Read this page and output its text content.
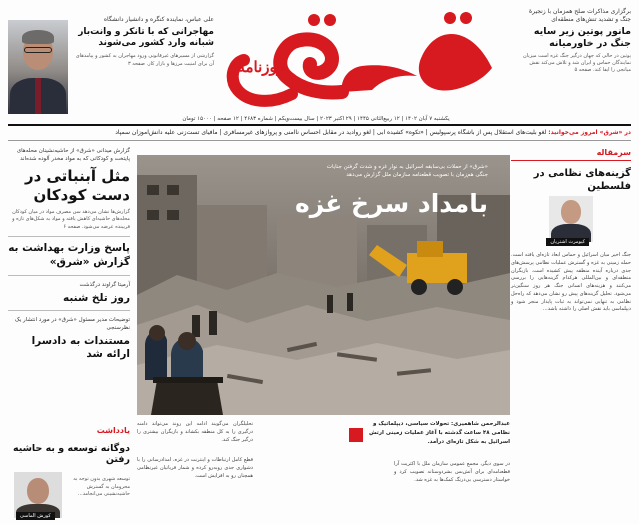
برگزاری مذاکرات صلح همزمان با زنجیرهٔ جنگ و تشدید تنش‌های منطقه‌ای
مانور پوتین زیر سایه جنگ در خاورمیانه
پوتین در حالی که جهان درگیر جنگ غزه است میزبان نمایندگان حماس و ایران شد و تلاش می‌کند نقش میانجی را ایفا کند. صفحه ۵
شرق
روزنامه
علی عباس، نماینده کنگره و دانشیار دانشگاه
مهاجرانی که با تانکر و وانت‌بار شبانه وارد کشور می‌شوند
گزارشی از مسیرهای غیرقانونی ورود مهاجران به کشور و پیامدهای آن برای امنیت مرزها و بازار کار. صفحه ۳
یکشنبه ۷ آبان ۱۴۰۲ | ۱۲ ربیع‌الثانی ۱۴۴۵ | ۲۹ اکتبر ۲۰۲۳ | سال بیست‌ویکم | شماره ۴۶۸۳ | ۱۲ صفحه | ۱۵۰۰۰ تومان
در «شرق» امروز می‌خوانید: لغو بلیت‌های استقلال پس از باشگاه پرسپولیس | «تکوه» کشیده آبی | لغو رواديد در مقابل احساس ناامنی و پروازهای غیرمسافری | مافیای تست‌زنی علیه دانش‌آموزان سمپاد
سرمقاله
گزینه‌های نظامی در فلسطین
کیومرث اشتریان
جنگ اخیر میان اسرائیل و حماس ابعاد تازه‌ای یافته است. حمله زمینی به غزه و گسترش عملیات نظامی پرسش‌های جدی درباره آینده منطقه پیش کشیده است. بازیگران منطقه‌ای و بین‌المللی هرکدام گزینه‌هایی را بررسی می‌کنند و هزینه‌های انسانی جنگ هر روز سنگین‌تر می‌شود. تحلیل گزینه‌های پیش رو نشان می‌دهد که راه‌حل نظامی به تنهایی نمی‌تواند به ثبات پایدار منجر شود و دیپلماسی باید نقش اصلی را داشته باشد...
«شرق» از حملات بی‌سابقه اسرائیل به نوار غزه و شدت گرفتن جنایات جنگی هم‌زمان با تصویب قطعنامه سازمان ملل گزارش می‌دهد
بامداد سرخ غزه
عبدالرحمن شاهمیری: تحولات سیاسی، دیپلماتیک و نظامی ۴۸ ساعت گذشته با آغاز عملیات زمینی ارتش اسرائیل به شکل تازه‌ای درآمد.
تحلیلگران می‌گویند ادامه این روند می‌تواند دامنه درگیری را به کل منطقه بکشاند و بازیگران بیشتری را درگیر جنگ کند.
قطع کامل ارتباطات و اینترنت در غزه، امدادرسانی را با دشواری جدی روبه‌رو کرده و شمار قربانیان غیرنظامی همچنان رو به افزایش است.
در سوی دیگر، مجمع عمومی سازمان ملل با اکثریت آرا قطعنامه‌ای برای آتش‌بس بشردوستانه تصویب کرد و خواستار دسترسی بی‌درنگ کمک‌ها به غزه شد.
گزارش میدانی «شرق» از حاشیه‌نشینان محله‌های پایتخت و کودکانی که به مواد مخدر آلوده شده‌اند
مثل آبنباتی در دست کودکان
گزارش‌ها نشان می‌دهد سن مصرف مواد در میان کودکان محله‌های حاشیه‌ای کاهش یافته و مواد به شکل‌های تازه و فریبنده عرضه می‌شود. صفحه ۶
پاسخ وزارت بهداشت به گزارش «شرق»
آرمیتا گراوند درگذشت
روز تلخ شنبه
توضیحات مدیر مسئول «شرق» در مورد انتشار یک نظرسنجی
مستندات به دادسرا ارائه شد
یادداشت
دوگانه توسعه و به حاشیه رفتن
کورش الماسی
توسعه شهری بدون توجه به محرومان به گسترش حاشیه‌نشینی می‌انجامد...
